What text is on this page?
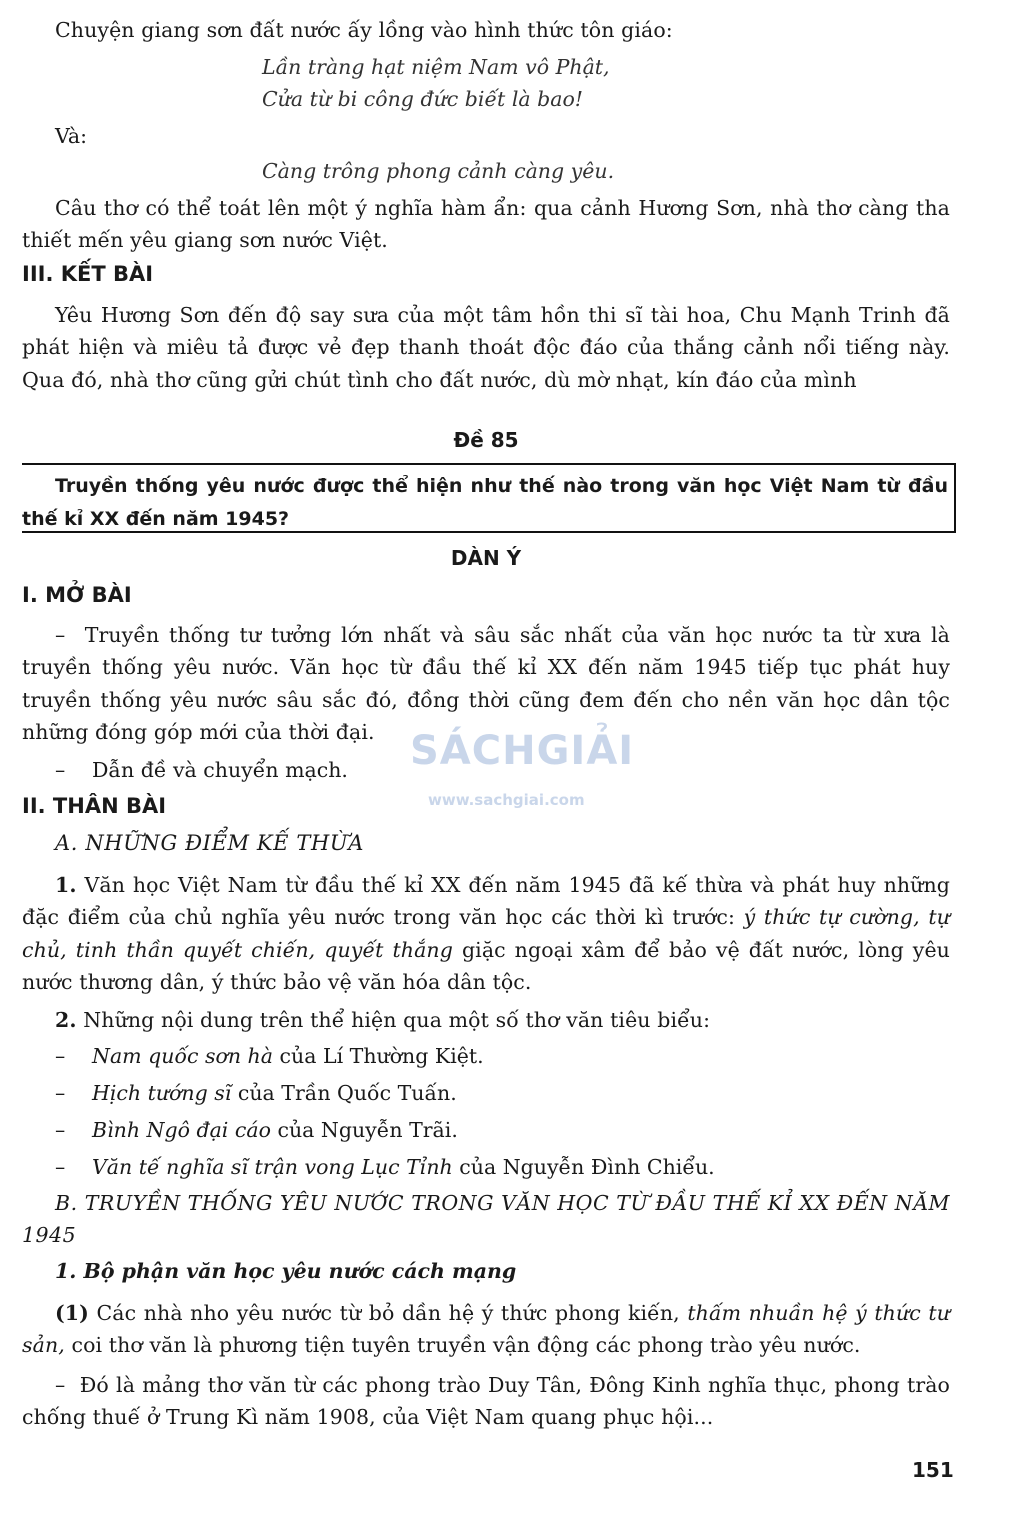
Chuyện giang sơn đất nước ấy lồng vào hình thức tôn giáo:

Lần tràng hạt niệm Nam vô Phật,
Cửa từ bi công đức biết là bao!

Và:

Càng trông phong cảnh càng yêu.

Câu thơ có thể toát lên một ý nghĩa hàm ẩn: qua cảnh Hương Sơn, nhà thơ càng tha thiết mến yêu giang sơn nước Việt.

III. KẾT BÀI

Yêu Hương Sơn đến độ say sưa của một tâm hồn thi sĩ tài hoa, Chu Mạnh Trinh đã phát hiện và miêu tả được vẻ đẹp thanh thoát độc đáo của thắng cảnh nổi tiếng này. Qua đó, nhà thơ cũng gửi chút tình cho đất nước, dù mờ nhạt, kín đáo của mình

Đề 85

Truyền thống yêu nước được thể hiện như thế nào trong văn học Việt Nam từ đầu thế kỉ XX đến năm 1945?

DÀN Ý
I. MỞ BÀI

– Truyền thống tư tưởng lớn nhất và sâu sắc nhất của văn học nước ta từ xưa là truyền thống yêu nước. Văn học từ đầu thế kỉ XX đến năm 1945 tiếp tục phát huy truyền thống yêu nước sâu sắc đó, đồng thời cũng đem đến cho nền văn học dân tộc những đóng góp mới của thời đại.

– Dẫn đề và chuyển mạch. SÁCHGIẢI
www.sachgiai.com
II. THÂN BÀI
A. NHỮNG ĐIỂM KẾ THỪA

1. Văn học Việt Nam từ đầu thế kỉ XX đến năm 1945 đã kế thừa và phát huy những đặc điểm của chủ nghĩa yêu nước trong văn học các thời kì trước: ý thức tự cường, tự chủ, tinh thần quyết chiến, quyết thắng giặc ngoại xâm để bảo vệ đất nước, lòng yêu nước thương dân, ý thức bảo vệ văn hóa dân tộc.

2. Những nội dung trên thể hiện qua một số thơ văn tiêu biểu:

– Nam quốc sơn hà của Lí Thường Kiệt.
– Hịch tướng sĩ của Trần Quốc Tuấn.
– Bình Ngô đại cáo của Nguyễn Trãi.
– Văn tế nghĩa sĩ trận vong Lục Tỉnh của Nguyễn Đình Chiểu.

B. TRUYỀN THỐNG YÊU NƯỚC TRONG VĂN HỌC TỪ ĐẦU THẾ KỈ XX ĐẾN NĂM 1945

1. Bộ phận văn học yêu nước cách mạng

(1) Các nhà nho yêu nước từ bỏ dần hệ ý thức phong kiến, thấm nhuần hệ ý thức tư sản, coi thơ văn là phương tiện tuyên truyền vận động các phong trào yêu nước.

– Đó là mảng thơ văn từ các phong trào Duy Tân, Đông Kinh nghĩa thục, phong trào chống thuế ở Trung Kì năm 1908, của Việt Nam quang phục hội...

151
